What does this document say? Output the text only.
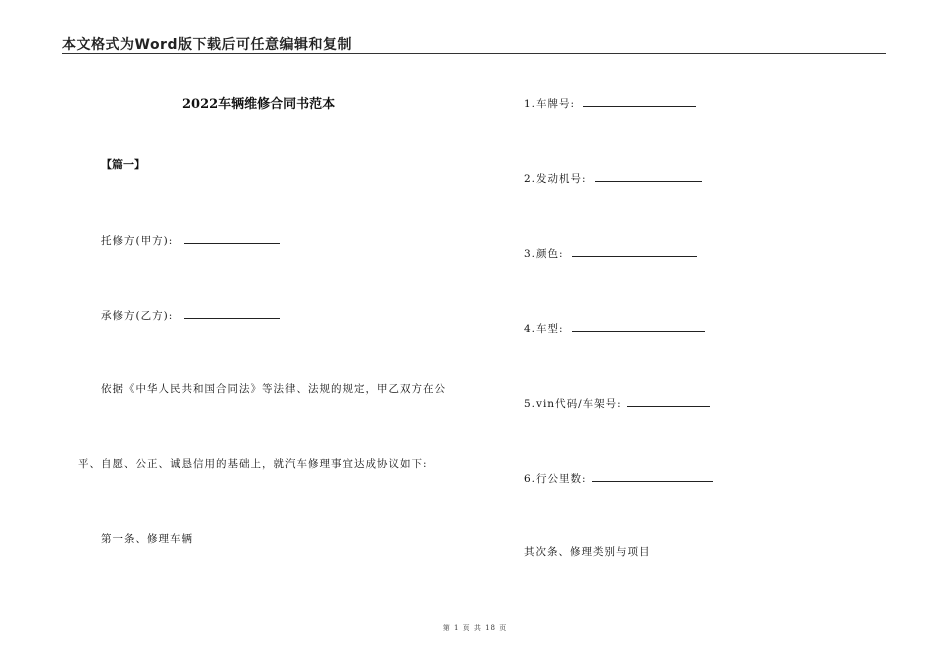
本文格式为Word版下载后可任意编辑和复制
2022车辆维修合同书范本
【篇一】
托修方(甲方):
承修方(乙方):
依据《中华人民共和国合同法》等法律、法规的规定，甲乙双方在公
平、自愿、公正、诚恳信用的基础上，就汽车修理事宜达成协议如下:
第一条、修理车辆
1.车牌号:
2.发动机号:
3.颜色:
4.车型:
5.vin代码/车架号:
6.行公里数:
其次条、修理类别与项目
第 1 页 共 18 页
